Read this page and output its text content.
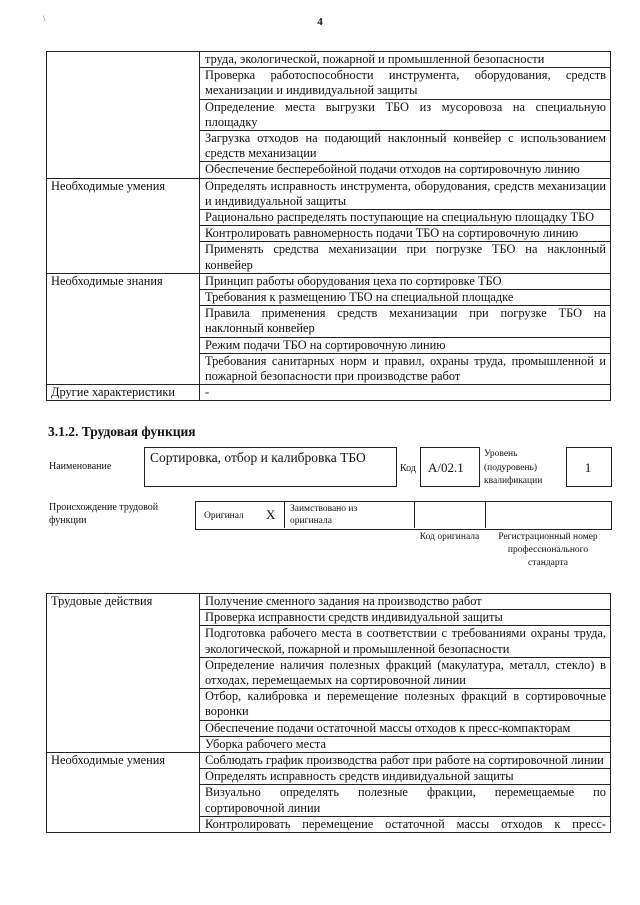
\	4
	труда, экологической, пожарной и промышленной безопасности
	Проверка работоспособности инструмента, оборудования, средств механизации и индивидуальной защиты
	Определение места выгрузки ТБО из мусоровоза на специальную площадку
	Загрузка отходов на подающий наклонный конвейер с использованием средств механизации
	Обеспечение бесперебойной подачи отходов на сортировочную линию
Необходимые умения	Определять исправность инструмента, оборудования, средств механизации и индивидуальной защиты
	Рационально распределять поступающие на специальную площадку ТБО
	Контролировать равномерность подачи ТБО на сортировочную линию
	Применять средства механизации при погрузке ТБО на наклонный конвейер
Необходимые знания	Принцип работы оборудования цеха по сортировке ТБО
	Требования к размещению ТБО на специальной площадке
	Правила применения средств механизации при погрузке ТБО на наклонный конвейер
	Режим подачи ТБО на сортировочную линию
	Требования санитарных норм и правил, охраны труда, промышленной и пожарной безопасности при производстве работ
Другие характеристики	-
3.1.2. Трудовая функция
Наименование
Сортировка, отбор и калибровка ТБО
Код A/02.1
Уровень (подуровень) квалификации
1
Происхождение трудовой функции	Оригинал X Заимствовано из оригинала
Код оригинала	Регистрационный номер профессионального стандарта
Трудовые действия	Получение сменного задания на производство работ
	Проверка исправности средств индивидуальной защиты
	Подготовка рабочего места в соответствии с требованиями охраны труда, экологической, пожарной и промышленной безопасности
	Определение наличия полезных фракций (макулатура, металл, стекло) в отходах, перемещаемых на сортировочной линии
	Отбор, калибровка и перемещение полезных фракций в сортировочные воронки
	Обеспечение подачи остаточной массы отходов к пресс-компакторам
	Уборка рабочего места
Необходимые умения	Соблюдать график производства работ при работе на сортировочной линии
	Определять исправность средств индивидуальной защиты
	Визуально определять полезные фракции, перемещаемые по сортировочной линии
	Контролировать перемещение остаточной массы отходов к пресс-
